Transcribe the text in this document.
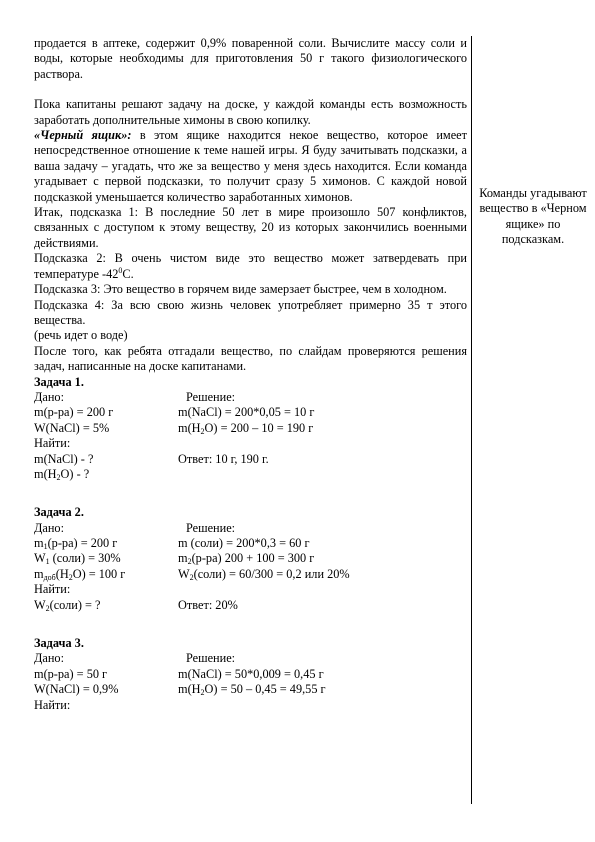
продается в аптеке, содержит 0,9% поваренной соли. Вычислите массу соли и воды, которые необходимы для приготовления 50 г такого физиологического раствора.

Пока капитаны решают задачу на доске, у каждой команды есть возможность заработать дополнительные химоны в свою копилку.

«Черный ящик»: в этом ящике находится некое вещество, которое имеет непосредственное отношение к теме нашей игры. Я буду зачитывать подсказки, а ваша задачу – угадать, что же за вещество у меня здесь находится. Если команда угадывает с первой подсказки, то получит сразу 5 химонов. С каждой новой подсказкой уменьшается количество заработанных химонов.

Итак, подсказка 1: В последние 50 лет в мире произошло 507 конфликтов, связанных с доступом к этому веществу, 20 из которых закончились военными действиями.

Подсказка 2: В очень чистом виде это вещество может затвердевать при температуре $-42^0С$.

Подсказка 3: Это вещество в горячем виде замерзает быстрее, чем в холодном.

Подсказка 4: За всю свою жизнь человек употребляет примерно 35 т этого вещества.

(речь идет о воде)

После того, как ребята отгадали вещество, по слайдам проверяются решения задач, написанные на доске капитанами.

Задача 1.

Дано:	Решение:
m(р-ра) = 200 г	m(NaCl) = 200*0,05 = 10 г
W(NaCl) = 5%	$m(H_2O) = 200 - 10 = 190$ г
Найти:
m(NaCl) - ?	Ответ: 10 г, 190 г.
$m(H_2O)$ - ?

Задача 2.

Дано:	Решение:
$m_1(р-ра) = 200$ г	m (соли) = 200*0,3 = 60 г
$W_1$ (соли) = 30%	$m_2(р-ра) 200 + 100 = 300$ г
$m_{доб}(H_2O) = 100$ г	$W_2(соли) = 60/300 = 0,2$ или 20%
Найти:
$W_2(соли)$ = ?	Ответ: 20%

Задача 3.

Дано:	Решение:
m(р-ра) = 50 г	m(NaCl) = 50*0,009 = 0,45 г
W(NaCl) = 0,9%	$m(H_2O) = 50 - 0,45 = 49,55$ г
Найти:
Команды угадывают вещество в «Черном ящике» по подсказкам.
